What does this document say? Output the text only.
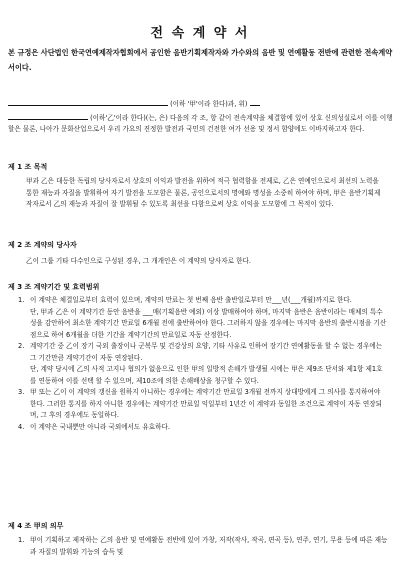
전 속 계 약 서

본 규정은 사단법인 한국연예제작자협회에서 공인한 음반기획제작자와 가수와의 음반 및 연예활동 전반에 관련한 전속계약서이다.

(이하 '甲'이라 한다)과, 위)
(이하'乙'이라 한다)(는, 은) 다음의 각 조, 항 같이 전속계약을 체결함에 있어 상호 신의성실로서 이를 이행할은 물론, 나아가 문화산업으로서 우리 가요의 진정한 발전과 국민의 건전한 여가 선용 및 정서 함양에도 이바지하고자 한다.

제 1 조 목적

甲과 乙은 대등한 독립의 당사자로서 상호의 이익과 발전을 위하여 적극 협력함을 전제로, 乙은 연예인으로서 최선의 노력을 통한 재능과 자질을 발휘하여 자기 발전을 도모함은 물론, 공인으로서의 명예와 명성을 소중히 하여야 하며, 甲은 음반기획제작자로서 乙의 재능과 자질이 잘 발휘될 수 있도록 최선을 다함으로써 상호 이익을 도모함에 그 목적이 있다.

제 2 조 계약의 당사자

乙이 그룹 기타 다수인으로 구성된 경우, 그 개개인은 이 계약의 당사자로 한다.

제 3 조 계약기간 및 효력범위
1. 이 계약은 체결일로부터 효력이 있으며, 계약의 만료는 첫 번째 음반 출반일로부터 만___년(___개월)까지로 한다.
단, 甲과 乙은 이 계약기간 동안 음반을 ___매(기획음반 예외) 이상 발매하여야 하며, 마지막 음반은 음반이라는 매체의 특수성을 감안하여 최소한 계약기간 만료일 6개월 전에 출반하여야 한다. 그러하지 않을 경우에는 마지막 음반의 출반시점을 기산점으로 하여 6개월을 더한 기간을 계약기간의 만료일로 자동 산정한다.
2. 계약기간 중 乙이 장기 국외 출장이나 군복무 및 건강상의 요양, 기타 사유로 인하여 장기간 연예활동을 할 수 없는 경우에는 그 기간만큼 계약기간이 자동 연장된다.
단, 계약 당시에 乙의 사적 고지나 협의가 없음으로 인한 甲의 일방적 손해가 발생될 시에는 甲은 제9조 단서와 제1항 제1호를 연동하여 이를 선택 할 수 있으며, 제10조에 의한 손해배상을 청구할 수 있다.
3. 甲 또는 乙이 이 계약의 갱신을 원하지 아니하는 경우에는 계약기간 만료일 3개월 전까지 상대방에게 그 의사를 통지하여야 한다. 그러한 통지를 하지 아니한 경우에는 계약기간 만료일 익일부터 1년간 이 계약과 동일한 조건으로 계약이 자동 연장되며, 그 후의 경우에도 동일하다.
4. 이 계약은 국내뿐만 아니라 국외에서도 유효하다.
제 4 조 甲의 의무
1. 甲이 기획하고 제작하는 乙의 음반 및 연예활동 전반에 있어 가창, 저작(작사, 작곡, 편곡 등), 연주, 연기, 무용 등에 따른 재능과 자질의 발휘와 기능의 습득 및
